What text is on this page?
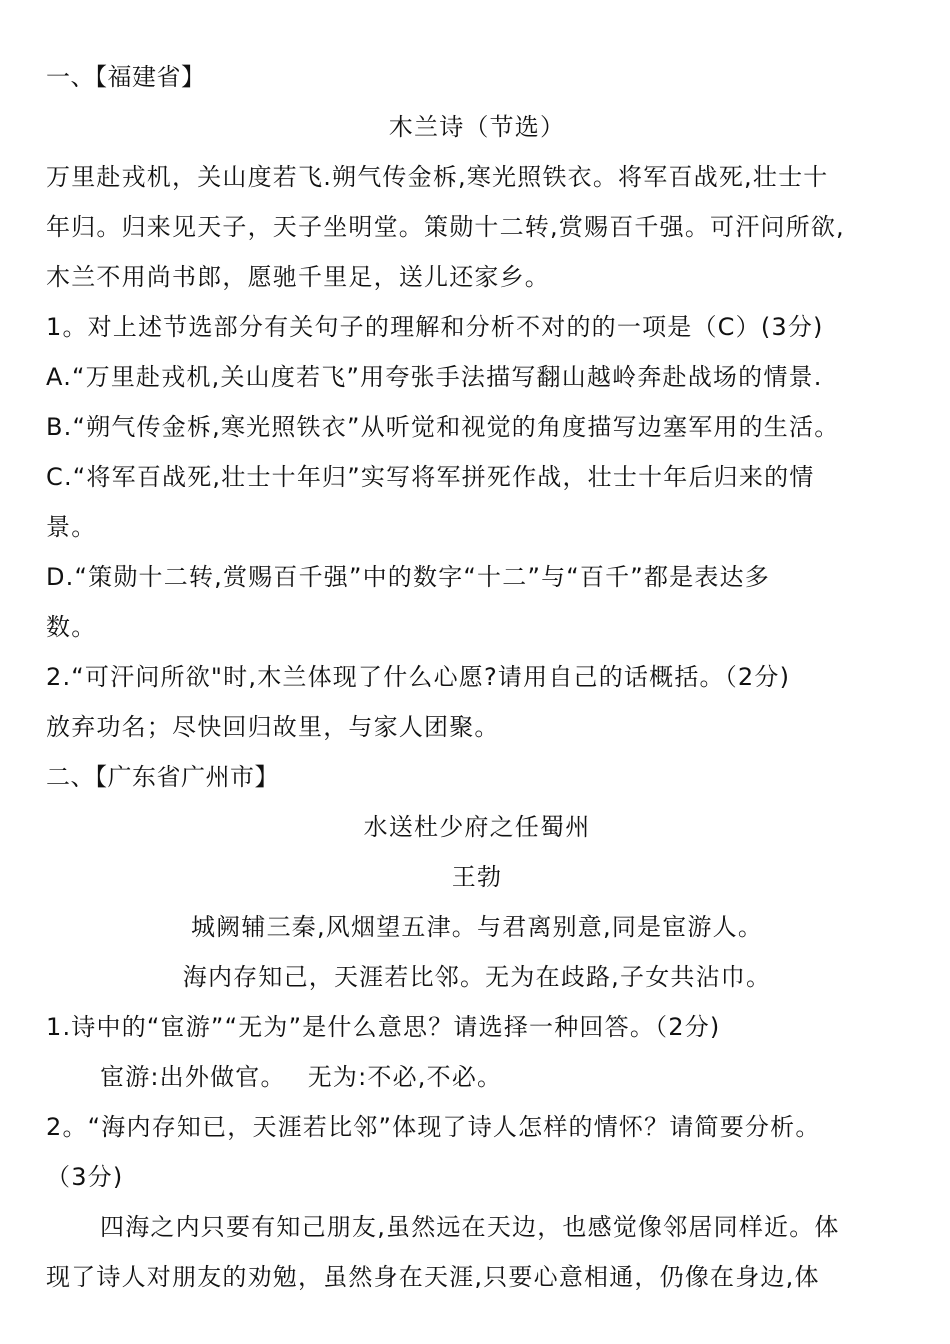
一、【福建省】
木兰诗（节选）
万里赴戎机，关山度若飞.朔气传金柝,寒光照铁衣。将军百战死,壮士十
年归。归来见天子，天子坐明堂。策勋十二转,赏赐百千强。可汗问所欲,
木兰不用尚书郎，愿驰千里足，送儿还家乡。
1。对上述节选部分有关句子的理解和分析不对的的一项是（C）(3分)
A.“万里赴戎机,关山度若飞”用夸张手法描写翻山越岭奔赴战场的情景.
B.“朔气传金柝,寒光照铁衣”从听觉和视觉的角度描写边塞军用的生活。
C.“将军百战死,壮士十年归”实写将军拼死作战，壮士十年后归来的情
景。
D.“策勋十二转,赏赐百千强”中的数字“十二”与“百千”都是表达多
数。
2.“可汗问所欲"时,木兰体现了什么心愿?请用自己的话概括。（2分)
放弃功名；尽快回归故里，与家人团聚。
二、【广东省广州市】
水送杜少府之任蜀州
王勃
城阙辅三秦,风烟望五津。与君离别意,同是宦游人。
海内存知己，天涯若比邻。无为在歧路,子女共沾巾。
1.诗中的“宦游”“无为”是什么意思？请选择一种回答。（2分)
宦游:出外做官。　 无为:不必,不必。
2。“海内存知已，天涯若比邻”体现了诗人怎样的情怀？请简要分析。
（3分)
四海之内只要有知己朋友,虽然远在天边，也感觉像邻居同样近。体
现了诗人对朋友的劝勉，虽然身在天涯,只要心意相通，仍像在身边,体
